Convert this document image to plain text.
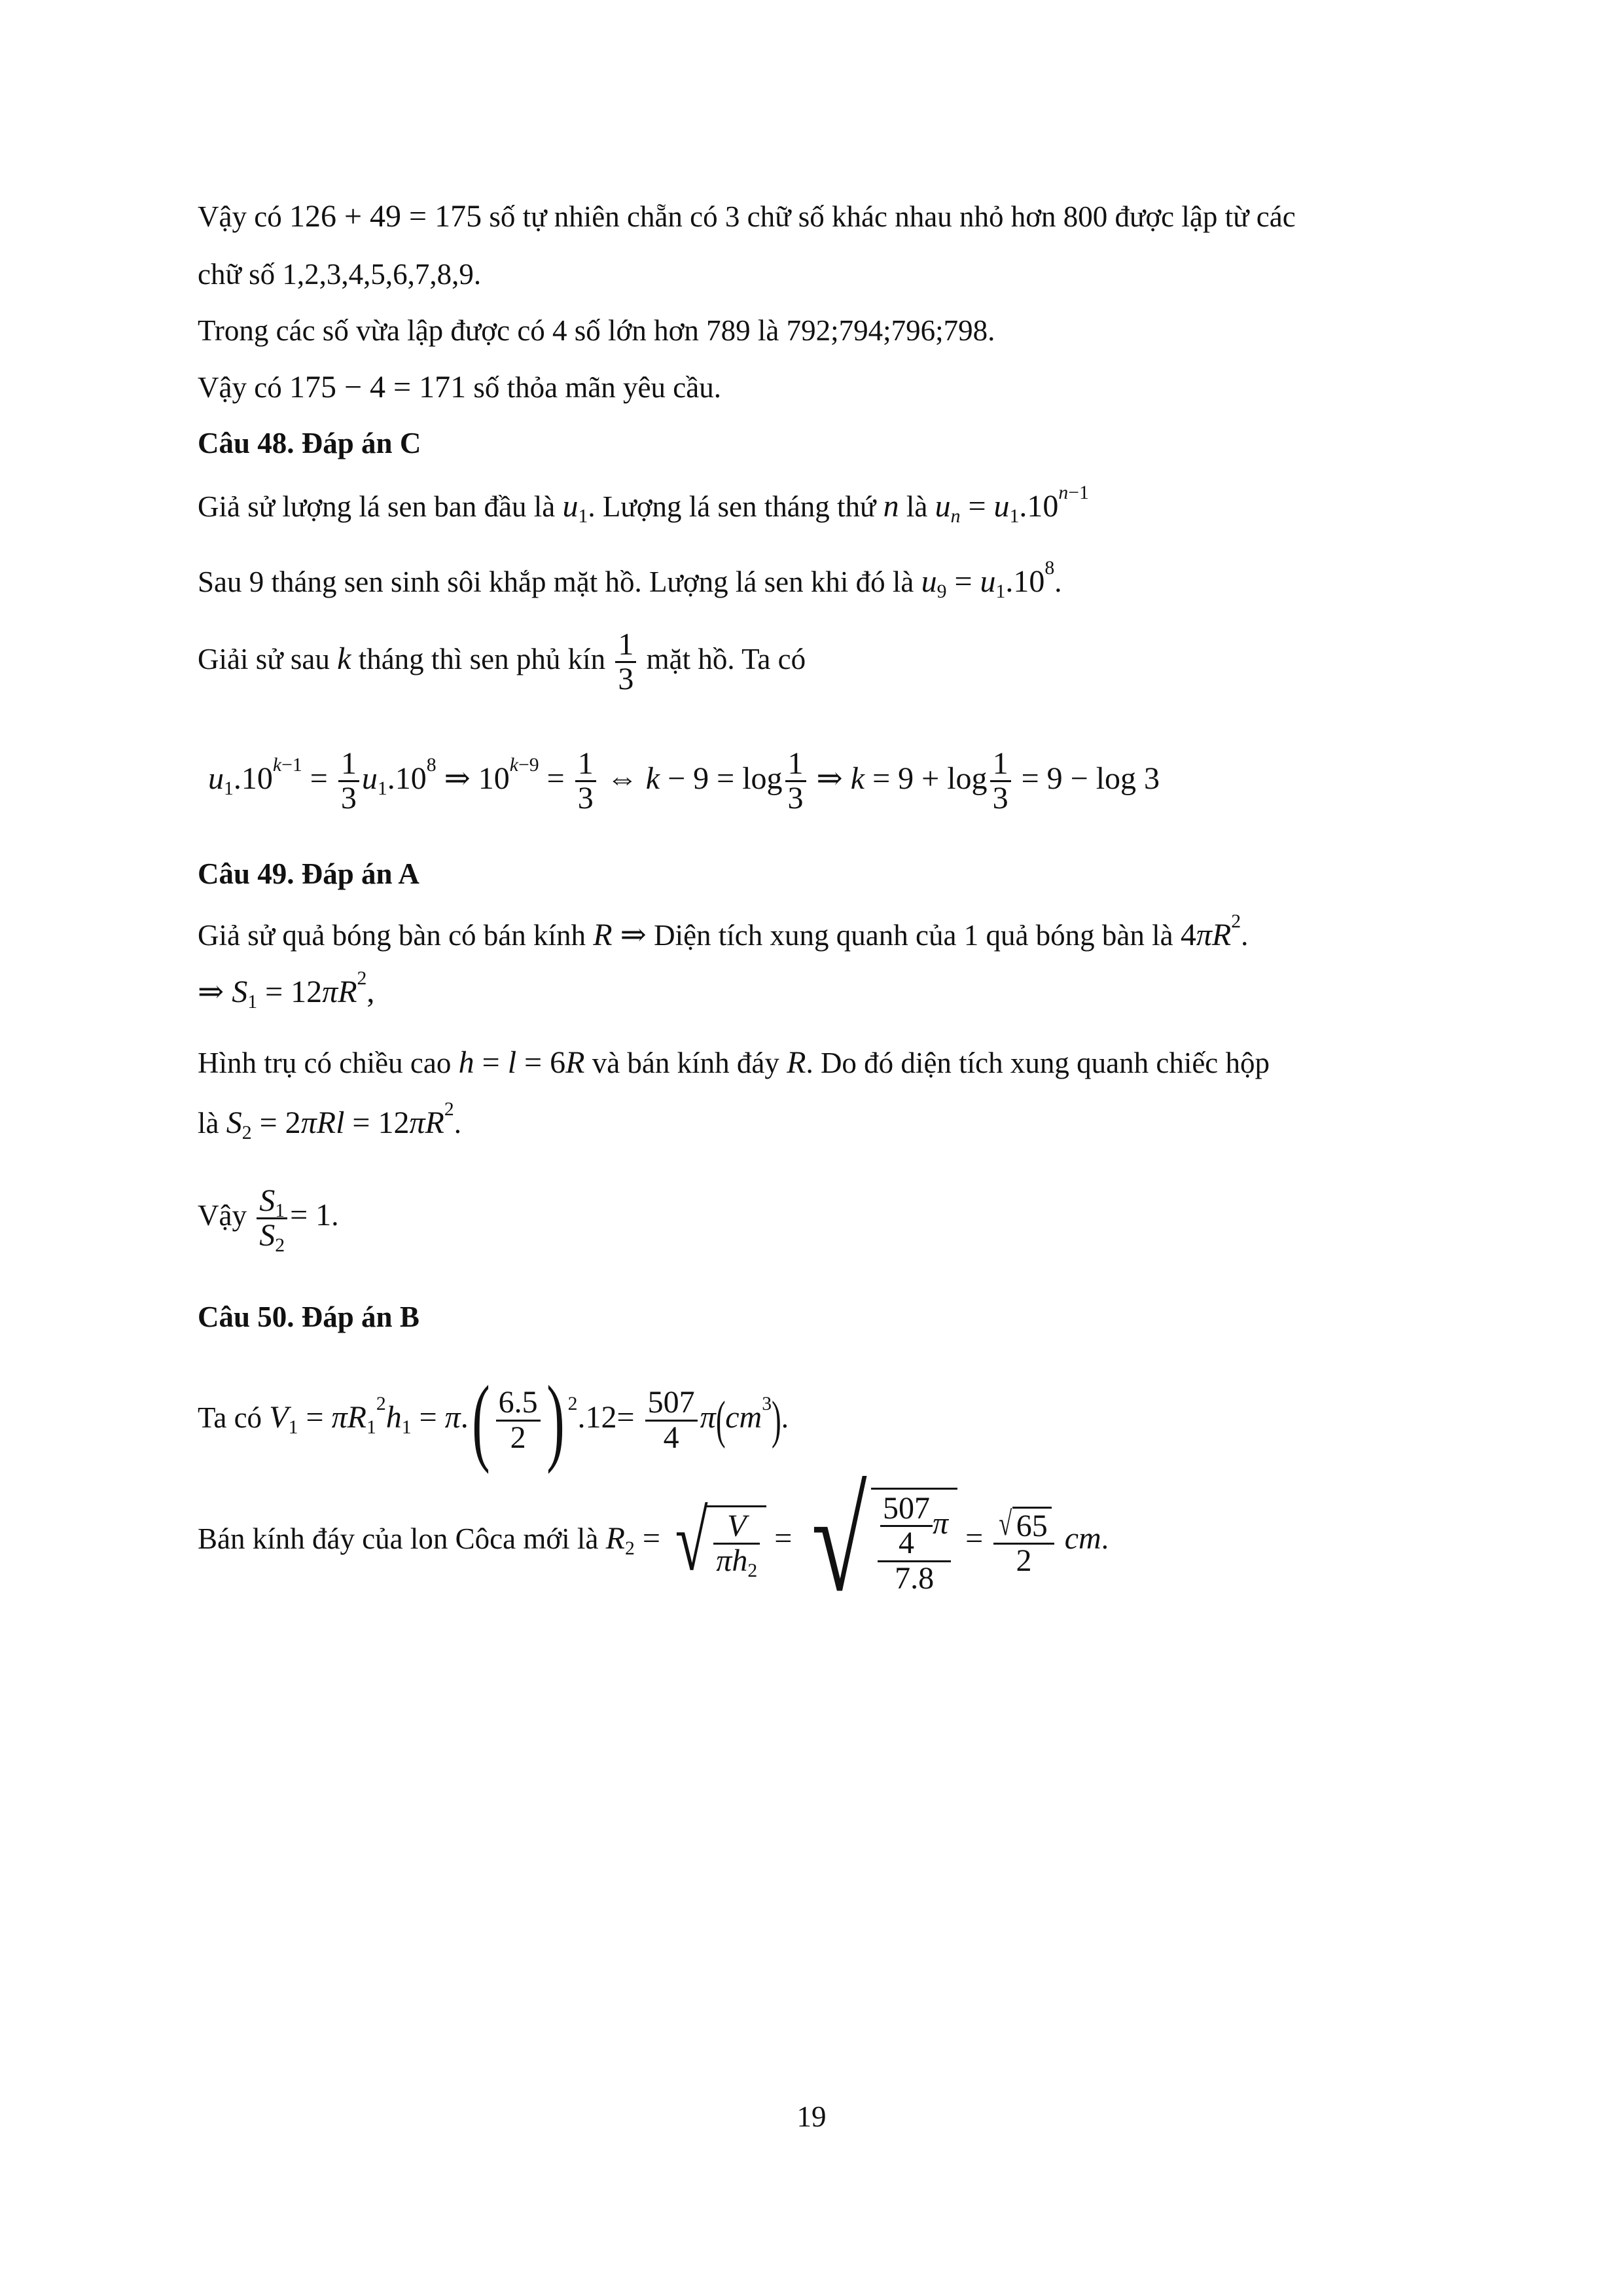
Vậy có 126 + 49 = 175 số tự nhiên chẵn có 3 chữ số khác nhau nhỏ hơn 800 được lập từ các
chữ số 1,2,3,4,5,6,7,8,9.
Trong các số vừa lập được có 4 số lớn hơn 789 là 792;794;796;798.
Vậy có 175 − 4 = 171 số thỏa mãn yêu cầu.
Câu 48. Đáp án C
Giả sử lượng lá sen ban đầu là $u_1$. Lượng lá sen tháng thứ n là $u_n = u_1.10^{n-1}$
Sau 9 tháng sen sinh sôi khắp mặt hồ. Lượng lá sen khi đó là $u_9 = u_1.10^8$.
Giải sử sau k tháng thì sen phủ kín $\frac{1}{3}$ mặt hồ. Ta có
$u_1.10^{k-1} = \frac{1}{3} u_1.10^8$ ⇒ $10^{k-9} = \frac{1}{3}$ ⇔ $k - 9 = \log \frac{1}{3}$ ⇒ $k = 9 + \log \frac{1}{3} = 9 - \log 3$
Câu 49. Đáp án A
Giả sử quả bóng bàn có bán kính R ⇒ Diện tích xung quanh của 1 quả bóng bàn là $4\pi R^2$.
⇒ $S_1 = 12\pi R^2$,
Hình trụ có chiều cao h = l = 6R và bán kính đáy R. Do đó diện tích xung quanh chiếc hộp
là $S_2 = 2\pi Rl = 12\pi R^2$.
Vậy $\frac{S_1}{S_2} = 1$.
Câu 50. Đáp án B
Ta có $V_1 = \pi R_1^2h_1 = \pi.( \frac{6.5}{2}$ ) $^2.12= \frac{507}{4} \pi(cm^3)$.
Bán kính đáy của lon Côca mới là $R_2$ = √ $\frac{V}{\pi h_2}$ = √ $\frac{\frac{507}{4} \pi}{7.8} = \frac{√ 65}{2}$ cm.
19
